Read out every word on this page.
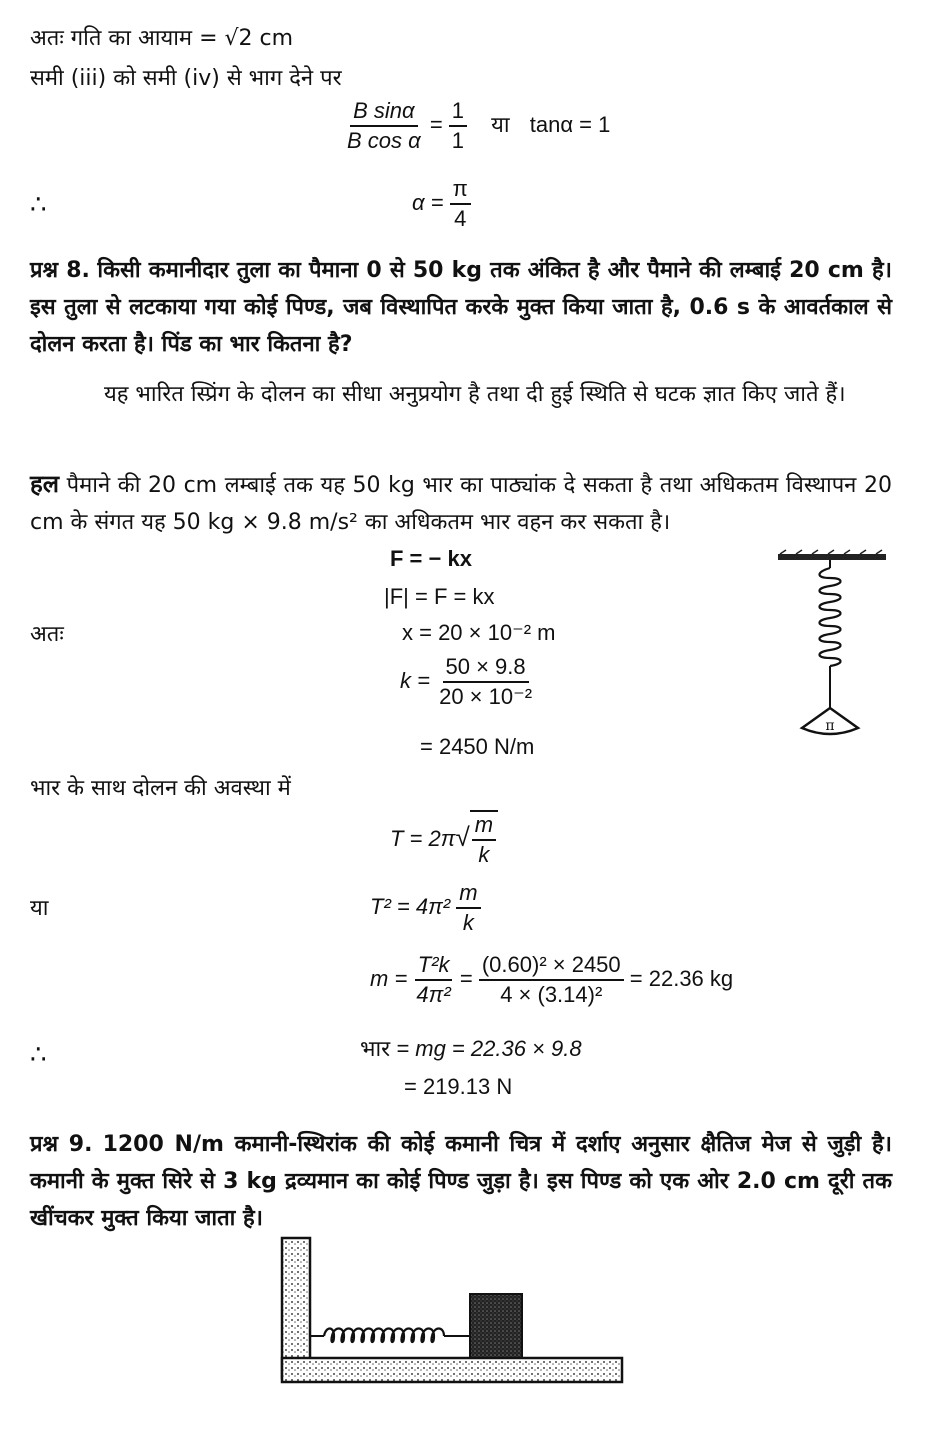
अतः गति का आयाम = √2 cm
समी (iii) को समी (iv) से भाग देने पर
$\frac{\text{B sinα}}{\text{B cos α}} = \frac{1}{1}$ या tanα = 1
∴	$\alpha = \frac{\pi}{4}$
प्रश्न 8. किसी कमानीदार तुला का पैमाना 0 से 50 kg तक अंकित है और पैमाने की लम्बाई 20 cm है। इस तुला से लटकाया गया कोई पिण्ड, जब विस्थापित करके मुक्त किया जाता है, 0.6 s के आवर्तकाल से दोलन करता है। पिंड का भार कितना है?
यह भारित स्प्रिंग के दोलन का सीधा अनुप्रयोग है तथा दी हुई स्थिति से घटक ज्ञात किए जाते हैं।
हल पैमाने की 20 cm लम्बाई तक यह 50 kg भार का पाठ्यांक दे सकता है तथा अधिकतम विस्थापन 20 cm के संगत यह 50 kg × 9.8 m/s² का अधिकतम भार वहन कर सकता है।
F = − kx
|F| = F = kx
अतः	x = 20 × 10⁻² m
$k = \frac{50 \times 9.8}{\text{20 × 10⁻²}}$
= 2450 N/m
π
भार के साथ दोलन की अवस्था में
$T = 2\pi√ \frac{m}{k}$
या	$T^2 = 4\pi^2 \frac{m}{k}$
$m = \frac{\text{T²k}}{\text{4π²}} = \frac{\text{(0.60)² × 2450}}{\text{4 × (3.14)²}} = 22.36$ kg
∴	भार = mg = 22.36 × 9.8
= 219.13 N
प्रश्न 9. 1200 N/m कमानी-स्थिरांक की कोई कमानी चित्र में दर्शाए अनुसार क्षैतिज मेज से जुड़ी है। कमानी के मुक्त सिरे से 3 kg द्रव्यमान का कोई पिण्ड जुड़ा है। इस पिण्ड को एक ओर 2.0 cm दूरी तक खींचकर मुक्त किया जाता है।
